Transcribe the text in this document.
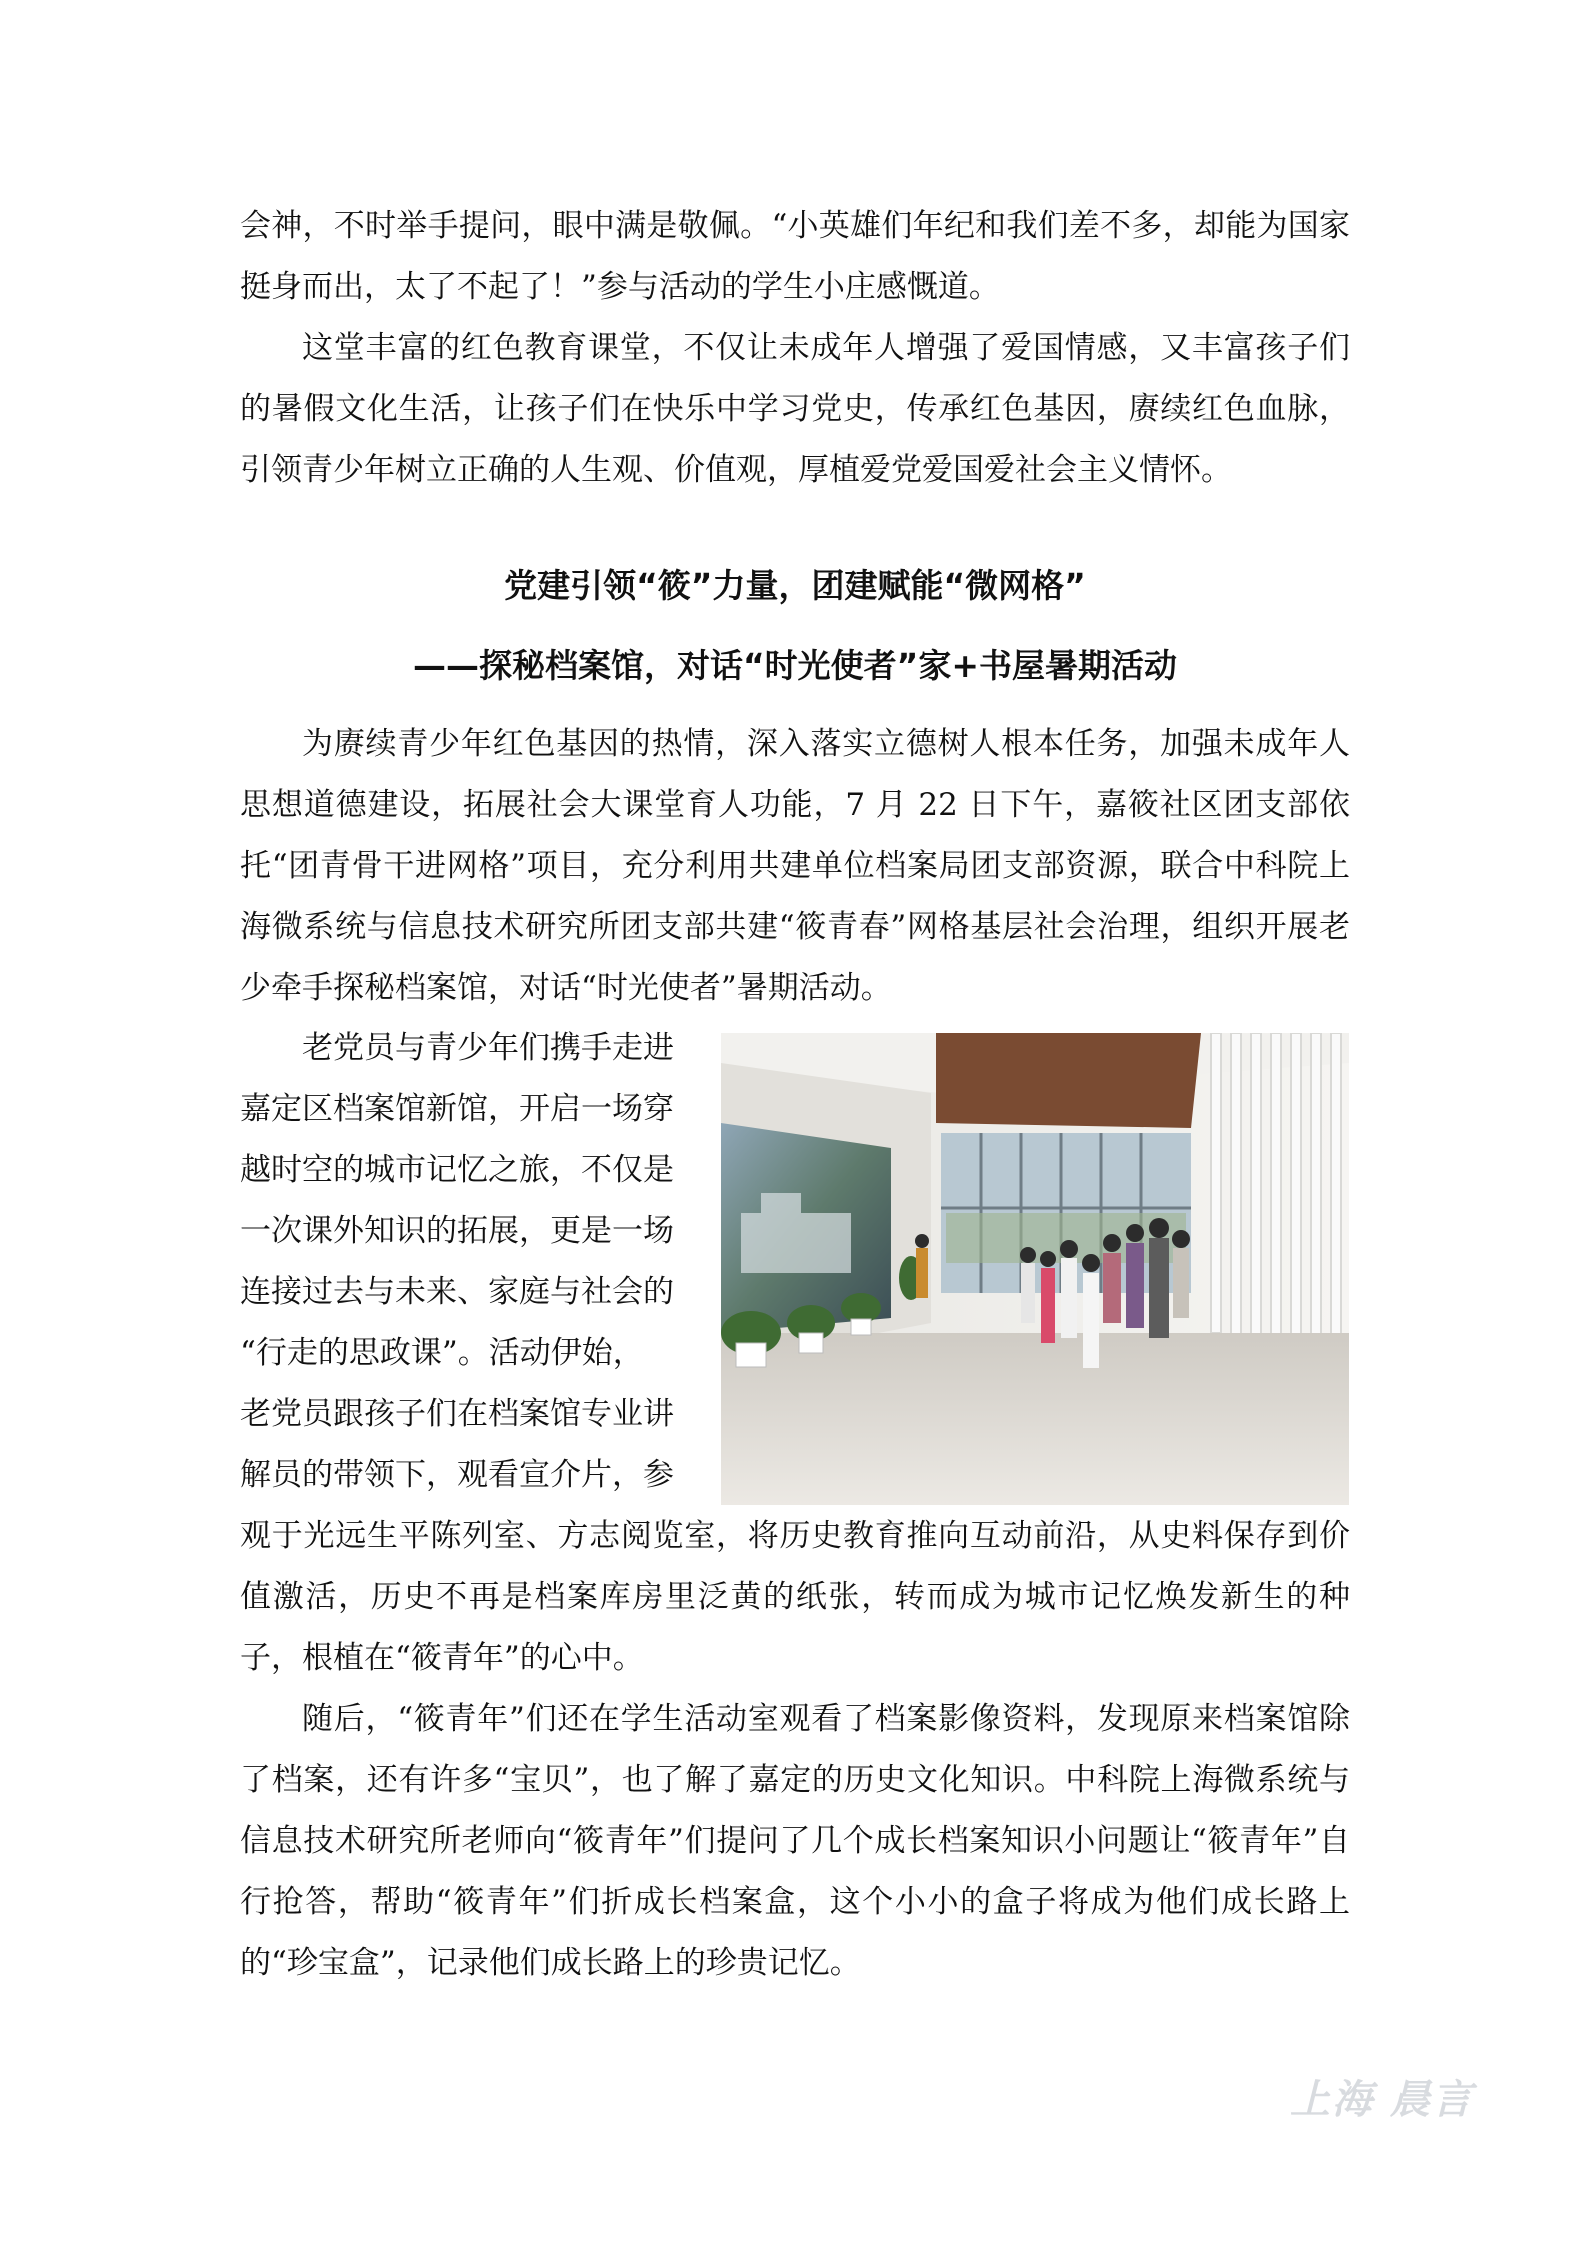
会神，不时举手提问，眼中满是敬佩。“小英雄们年纪和我们差不多，却能为国家挺身而出，太了不起了！”参与活动的学生小庄感慨道。

这堂丰富的红色教育课堂，不仅让未成年人增强了爱国情感，又丰富孩子们的暑假文化生活，让孩子们在快乐中学习党史，传承红色基因，赓续红色血脉，引领青少年树立正确的人生观、价值观，厚植爱党爱国爱社会主义情怀。

党建引领“筱”力量，团建赋能“微网格”
——探秘档案馆，对话“时光使者”家+书屋暑期活动

为赓续青少年红色基因的热情，深入落实立德树人根本任务，加强未成年人思想道德建设，拓展社会大课堂育人功能，7 月 22 日下午，嘉筱社区团支部依托“团青骨干进网格”项目，充分利用共建单位档案局团支部资源，联合中科院上海微系统与信息技术研究所团支部共建“筱青春”网格基层社会治理，组织开展老少牵手探秘档案馆，对话“时光使者”暑期活动。

老党员与青少年们携手走进
嘉定区档案馆新馆，开启一场穿
越时空的城市记忆之旅，不仅是
一次课外知识的拓展，更是一场
连接过去与未来、家庭与社会的
“行走的思政课”。活动伊始，
老党员跟孩子们在档案馆专业讲
解员的带领下，观看宣介片，参

观于光远生平陈列室、方志阅览室，将历史教育推向互动前沿，从史料保存到价值激活，历史不再是档案库房里泛黄的纸张，转而成为城市记忆焕发新生的种子，根植在“筱青年”的心中。

随后，“筱青年”们还在学生活动室观看了档案影像资料，发现原来档案馆除了档案，还有许多“宝贝”，也了解了嘉定的历史文化知识。中科院上海微系统与信息技术研究所老师向“筱青年”们提问了几个成长档案知识小问题让“筱青年”自行抢答，帮助“筱青年”们折成长档案盒，这个小小的盒子将成为他们成长路上的“珍宝盒”，记录他们成长路上的珍贵记忆。

上海 晨言
